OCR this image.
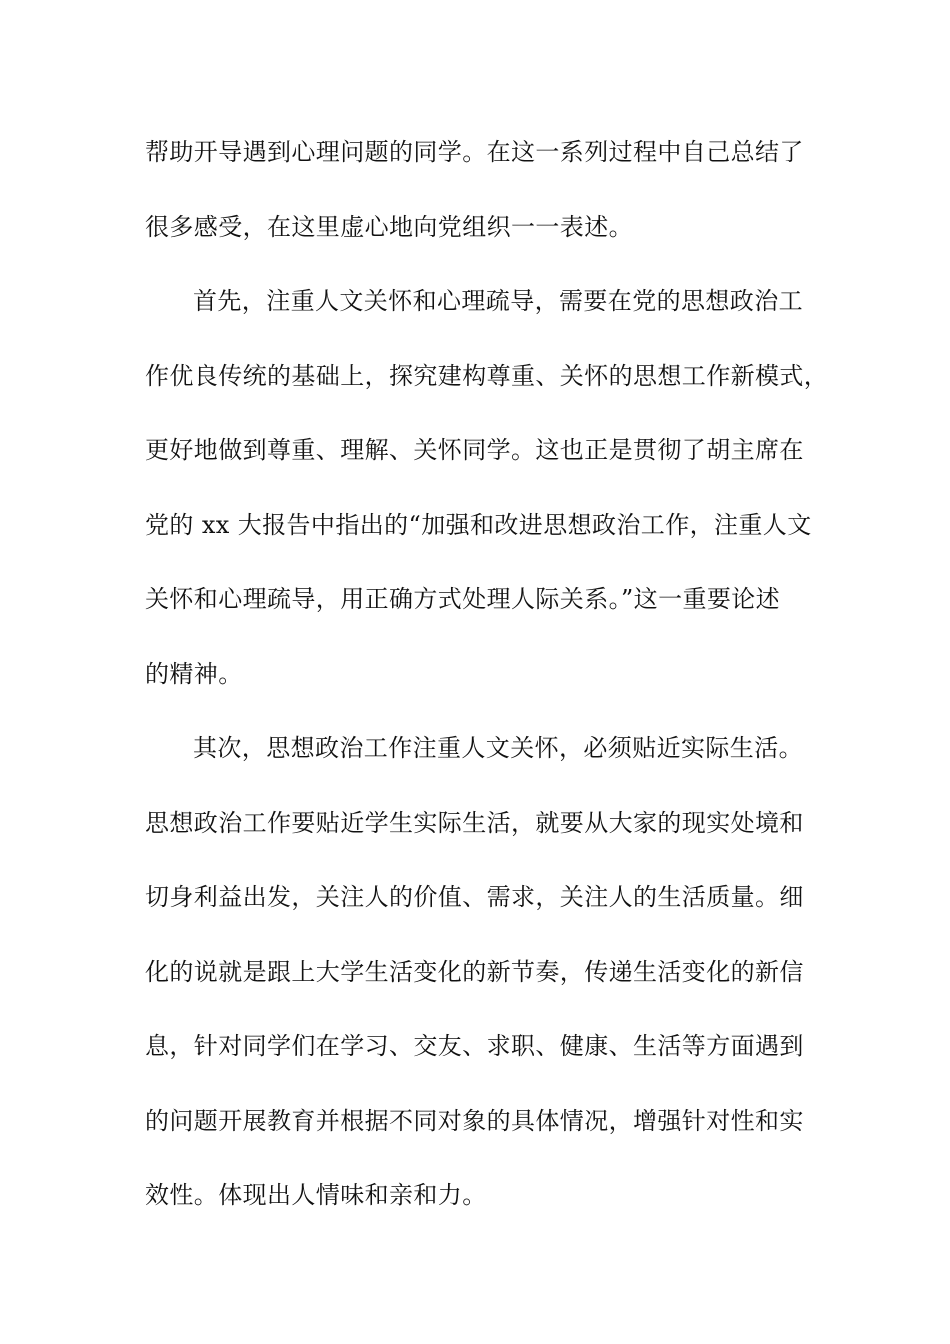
帮助开导遇到心理问题的同学。在这一系列过程中自己总结了
很多感受，在这里虚心地向党组织一一表述。
首先，注重人文关怀和心理疏导，需要在党的思想政治工
作优良传统的基础上，探究建构尊重、关怀的思想工作新模式，
更好地做到尊重、理解、关怀同学。这也正是贯彻了胡主席在
党的 xx 大报告中指出的“加强和改进思想政治工作，注重人文
关怀和心理疏导，用正确方式处理人际关系。”这一重要论述
的精神。
其次，思想政治工作注重人文关怀，必须贴近实际生活。
思想政治工作要贴近学生实际生活，就要从大家的现实处境和
切身利益出发，关注人的价值、需求，关注人的生活质量。细
化的说就是跟上大学生活变化的新节奏，传递生活变化的新信
息，针对同学们在学习、交友、求职、健康、生活等方面遇到
的问题开展教育并根据不同对象的具体情况，增强针对性和实
效性。体现出人情味和亲和力。
